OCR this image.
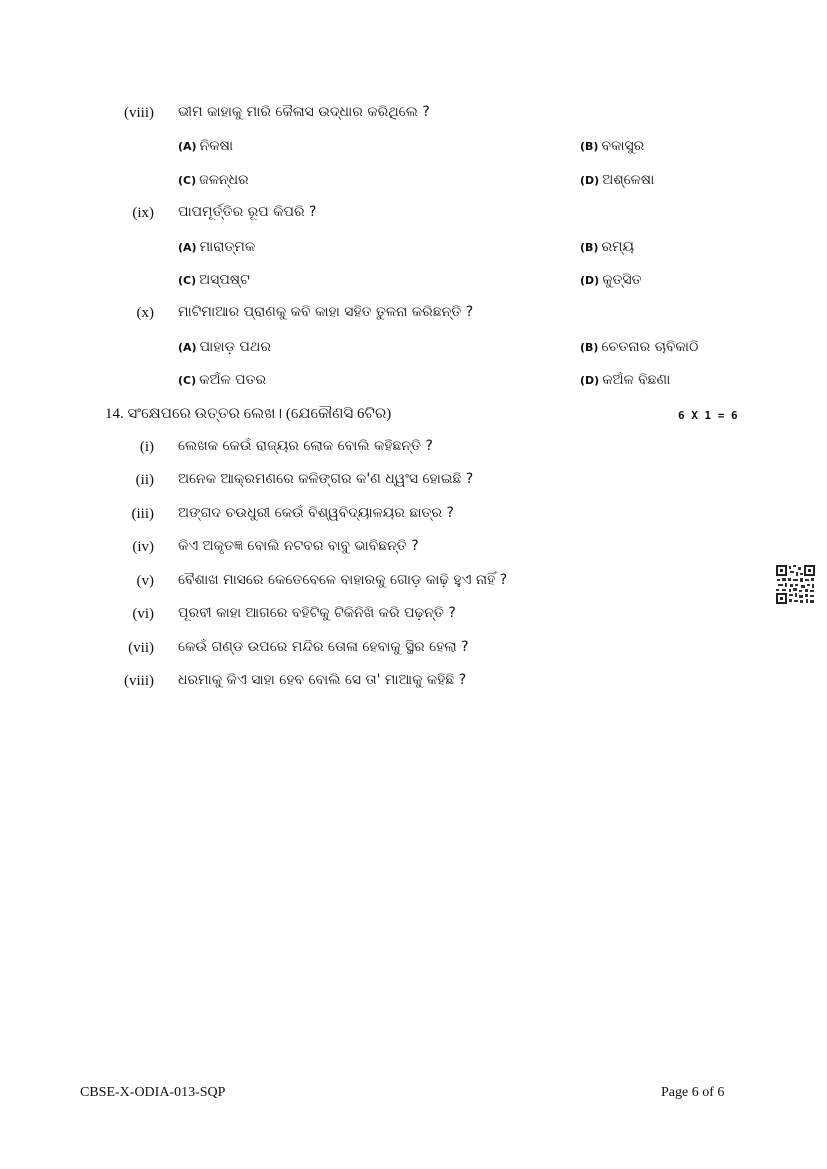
(viii) ଭୀମ କାହାକୁ ମାରି କୈଳାସ ଉଦ୍ଧାର କରିଥିଲେ ?
(A) ନିକଷା	(B) ବକାସୁର
(C) ଜଳନ୍ଧର	(D) ଅଶ୍ଳେଷା
(ix) ପାପମୂର୍ତ୍ତିର ରୂପ କିପରି ?
(A) ମାରାତ୍ମକ	(B) ରମ୍ୟ
(C) ଅସ୍ପଷ୍ଟ	(D) କୁତ୍ସିତ
(x) ମାଟିମାଆର ପ୍ରାଣକୁ କବି କାହା ସହିତ ତୁଳନା କରିଛନ୍ତି ?
(A) ପାହାଡ଼ ପଥର	(B) ଚେତନାର ଚାବିକାଠି
(C) କଅଁଳ ପତର	(D) କଅଁଳ ବିଛଣା
14. ସଂକ୍ଷେପରେ ଉତ୍ତର ଲେଖ। (ଯେକୌଣସି 6ଟିର)	6 X 1 = 6
(i) ଲେଖକ କେଉଁ ରାଜ୍ୟର ଲୋକ ବୋଲି କହିଛନ୍ତି ?
(ii) ଅନେକ ଆକ୍ରମଣରେ କଳିଙ୍ଗର କ'ଣ ଧ୍ୱଂସ ହୋଇଛି ?
(iii) ଅଙ୍ଗଦ ଚଉଧୁରୀ କେଉଁ ବିଶ୍ୱବିଦ୍ୟାଳୟର ଛାତ୍ର ?
(iv) କିଏ ଅକୃତଜ୍ଞ ବୋଲି ନଟବର ବାବୁ ଭାବିଛନ୍ତି ?
(v) ବୈଶାଖ ମାସରେ କେତେବେଳେ ବାହାରକୁ ଗୋଡ଼ କାଢ଼ି ହୁଏ ନାହିଁ ?
(vi) ପୂରବୀ କାହା ଆଗରେ ବହିଟିକୁ ଟିକିନିଖି କରି ପଢ଼ନ୍ତି ?
(vii) କେଉଁ ଗଣ୍ଡ ଉପରେ ମନ୍ଦିର ତୋଳା ହେବାକୁ ସ୍ଥିର ହେଲା ?
(viii) ଧରମାକୁ କିଏ ସାହା ହେବ ବୋଲି ସେ ତା' ମାଆକୁ କହିଛି ?
CBSE-X-ODIA-013-SQP	Page 6 of 6
